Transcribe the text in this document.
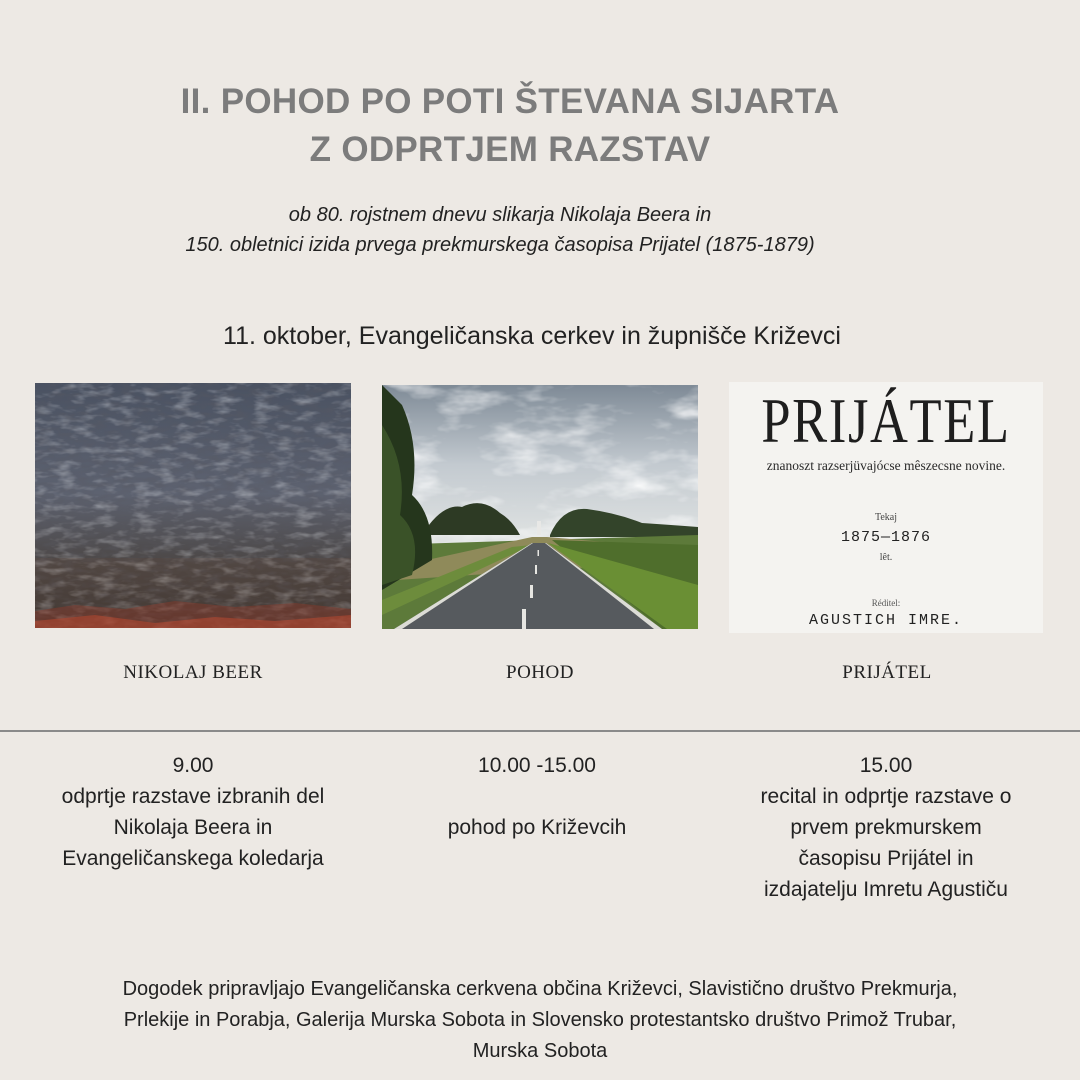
II. POHOD PO POTI ŠTEVANA SIJARTA
Z ODPRTJEM RAZSTAV
ob 80. rojstnem dnevu slikarja Nikolaja Beera in
150. obletnici izida prvega prekmurskega časopisa Prijatel (1875-1879)
11. oktober, Evangeličanska cerkev in župnišče Križevci
PRIJÁTEL
znanoszt razserjüvajócse mêszecsne novine.
Tekaj
1875—1876
lêt.
Réditel:
AGUSTICH IMRE.
NIKOLAJ BEER	POHOD	PRIJÁTEL
9.00
odprtje razstave izbranih del
Nikolaja Beera in
Evangeličanskega koledarja
10.00 -15.00
pohod po Križevcih
15.00
recital in odprtje razstave o
prvem prekmurskem
časopisu Prijátel in
izdajatelju Imretu Agustiču
Dogodek pripravljajo Evangeličanska cerkvena občina Križevci, Slavistično društvo Prekmurja,
Prlekije in Porabja, Galerija Murska Sobota in Slovensko protestantsko društvo Primož Trubar,
Murska Sobota
